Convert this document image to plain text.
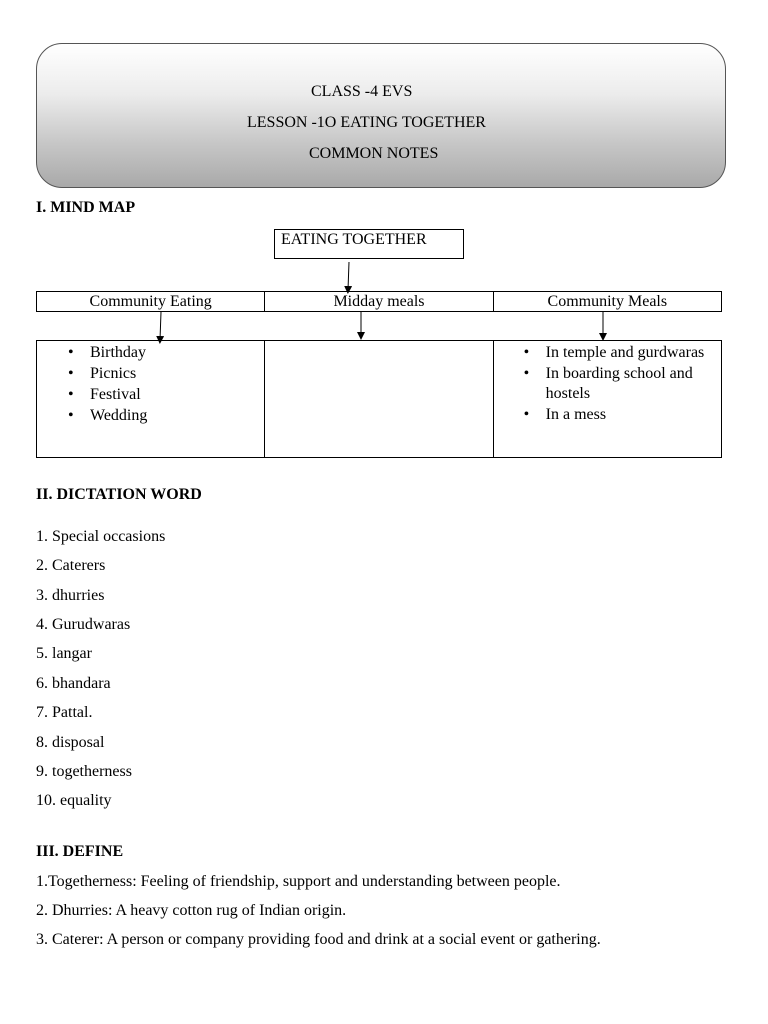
CLASS -4 EVS
LESSON -1O EATING TOGETHER
COMMON NOTES
I. MIND MAP
EATING TOGETHER
Community Eating	Midday meals	Community Meals
• Birthday
• Picnics
• Festival
• Wedding
• In temple and gurdwaras
• In boarding school and hostels
• In a mess
II. DICTATION WORD
1. Special occasions
2. Caterers
3. dhurries
4. Gurudwaras
5. langar
6. bhandara
7. Pattal.
8. disposal
9. togetherness
10. equality
III. DEFINE
1.Togetherness: Feeling of friendship, support and understanding between people.
2. Dhurries: A heavy cotton rug of Indian origin.
3. Caterer: A person or company providing food and drink at a social event or gathering.
